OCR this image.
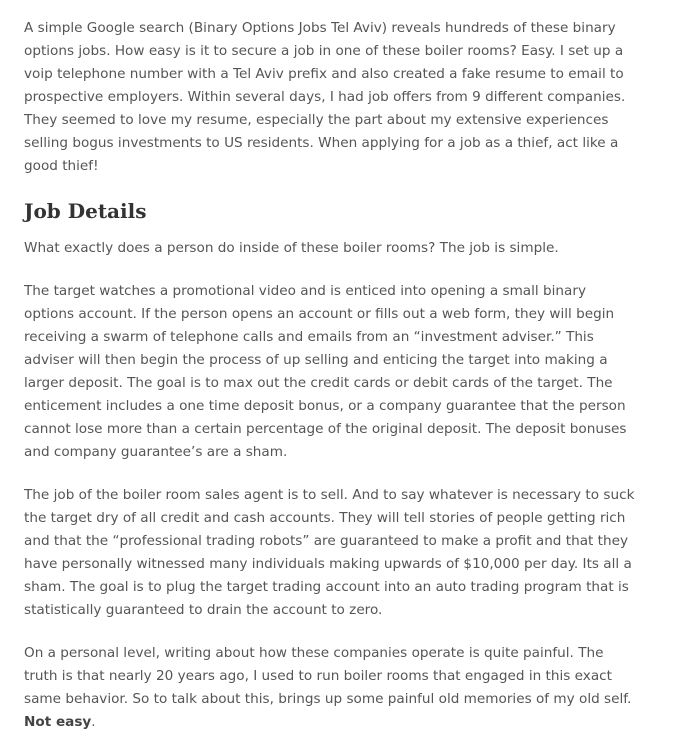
A simple Google search (Binary Options Jobs Tel Aviv) reveals hundreds of these binary options jobs. How easy is it to secure a job in one of these boiler rooms? Easy. I set up a voip telephone number with a Tel Aviv prefix and also created a fake resume to email to prospective employers. Within several days, I had job offers from 9 different companies. They seemed to love my resume, especially the part about my extensive experiences selling bogus investments to US residents. When applying for a job as a thief, act like a good thief!

Job Details

What exactly does a person do inside of these boiler rooms? The job is simple.

The target watches a promotional video and is enticed into opening a small binary options account. If the person opens an account or fills out a web form, they will begin receiving a swarm of telephone calls and emails from an “investment adviser.” This adviser will then begin the process of up selling and enticing the target into making a larger deposit. The goal is to max out the credit cards or debit cards of the target. The enticement includes a one time deposit bonus, or a company guarantee that the person cannot lose more than a certain percentage of the original deposit. The deposit bonuses and company guarantee’s are a sham.

The job of the boiler room sales agent is to sell. And to say whatever is necessary to suck the target dry of all credit and cash accounts. They will tell stories of people getting rich and that the “professional trading robots” are guaranteed to make a profit and that they have personally witnessed many individuals making upwards of $10,000 per day. Its all a sham. The goal is to plug the target trading account into an auto trading program that is statistically guaranteed to drain the account to zero.

On a personal level, writing about how these companies operate is quite painful. The truth is that nearly 20 years ago, I used to run boiler rooms that engaged in this exact same behavior. So to talk about this, brings up some painful old memories of my old self. Not easy.
